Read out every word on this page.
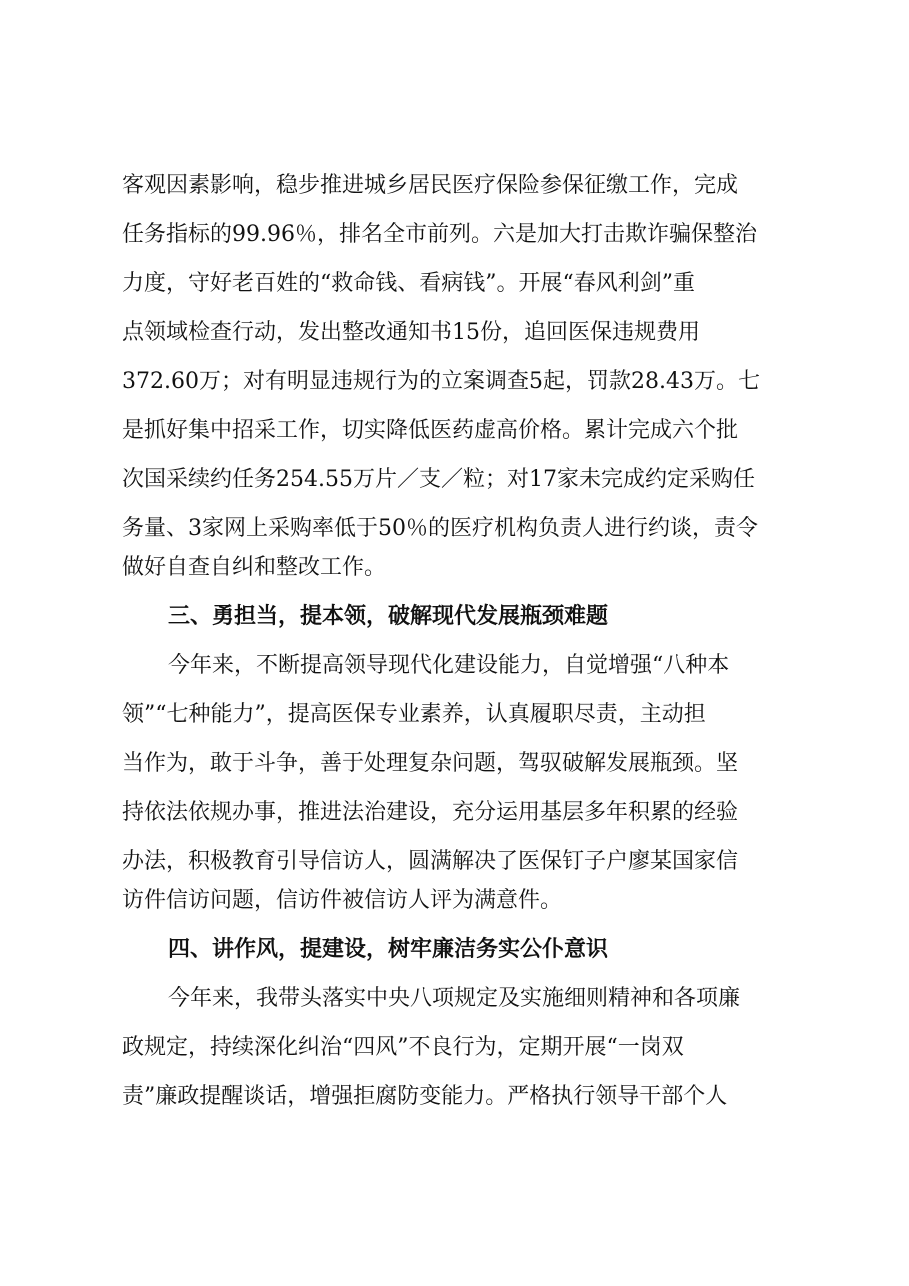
客观因素影响，稳步推进城乡居民医疗保险参保征缴工作，完成
任务指标的99.96％，排名全市前列。六是加大打击欺诈骗保整治
力度，守好老百姓的“救命钱、看病钱”。开展“春风利剑”重
点领域检查行动，发出整改通知书15份，追回医保违规费用
372.60万；对有明显违规行为的立案调查5起，罚款28.43万。七
是抓好集中招采工作，切实降低医药虚高价格。累计完成六个批
次国采续约任务254.55万片／支／粒；对17家未完成约定采购任
务量、3家网上采购率低于50％的医疗机构负责人进行约谈，责令
做好自查自纠和整改工作。
三、勇担当，提本领，破解现代发展瓶颈难题
今年来，不断提高领导现代化建设能力，自觉增强“八种本
领”“七种能力”，提高医保专业素养，认真履职尽责，主动担
当作为，敢于斗争，善于处理复杂问题，驾驭破解发展瓶颈。坚
持依法依规办事，推进法治建设，充分运用基层多年积累的经验
办法，积极教育引导信访人，圆满解决了医保钉子户廖某国家信
访件信访问题，信访件被信访人评为满意件。
四、讲作风，提建设，树牢廉洁务实公仆意识
今年来，我带头落实中央八项规定及实施细则精神和各项廉
政规定，持续深化纠治“四风”不良行为，定期开展“一岗双
责”廉政提醒谈话，增强拒腐防变能力。严格执行领导干部个人
